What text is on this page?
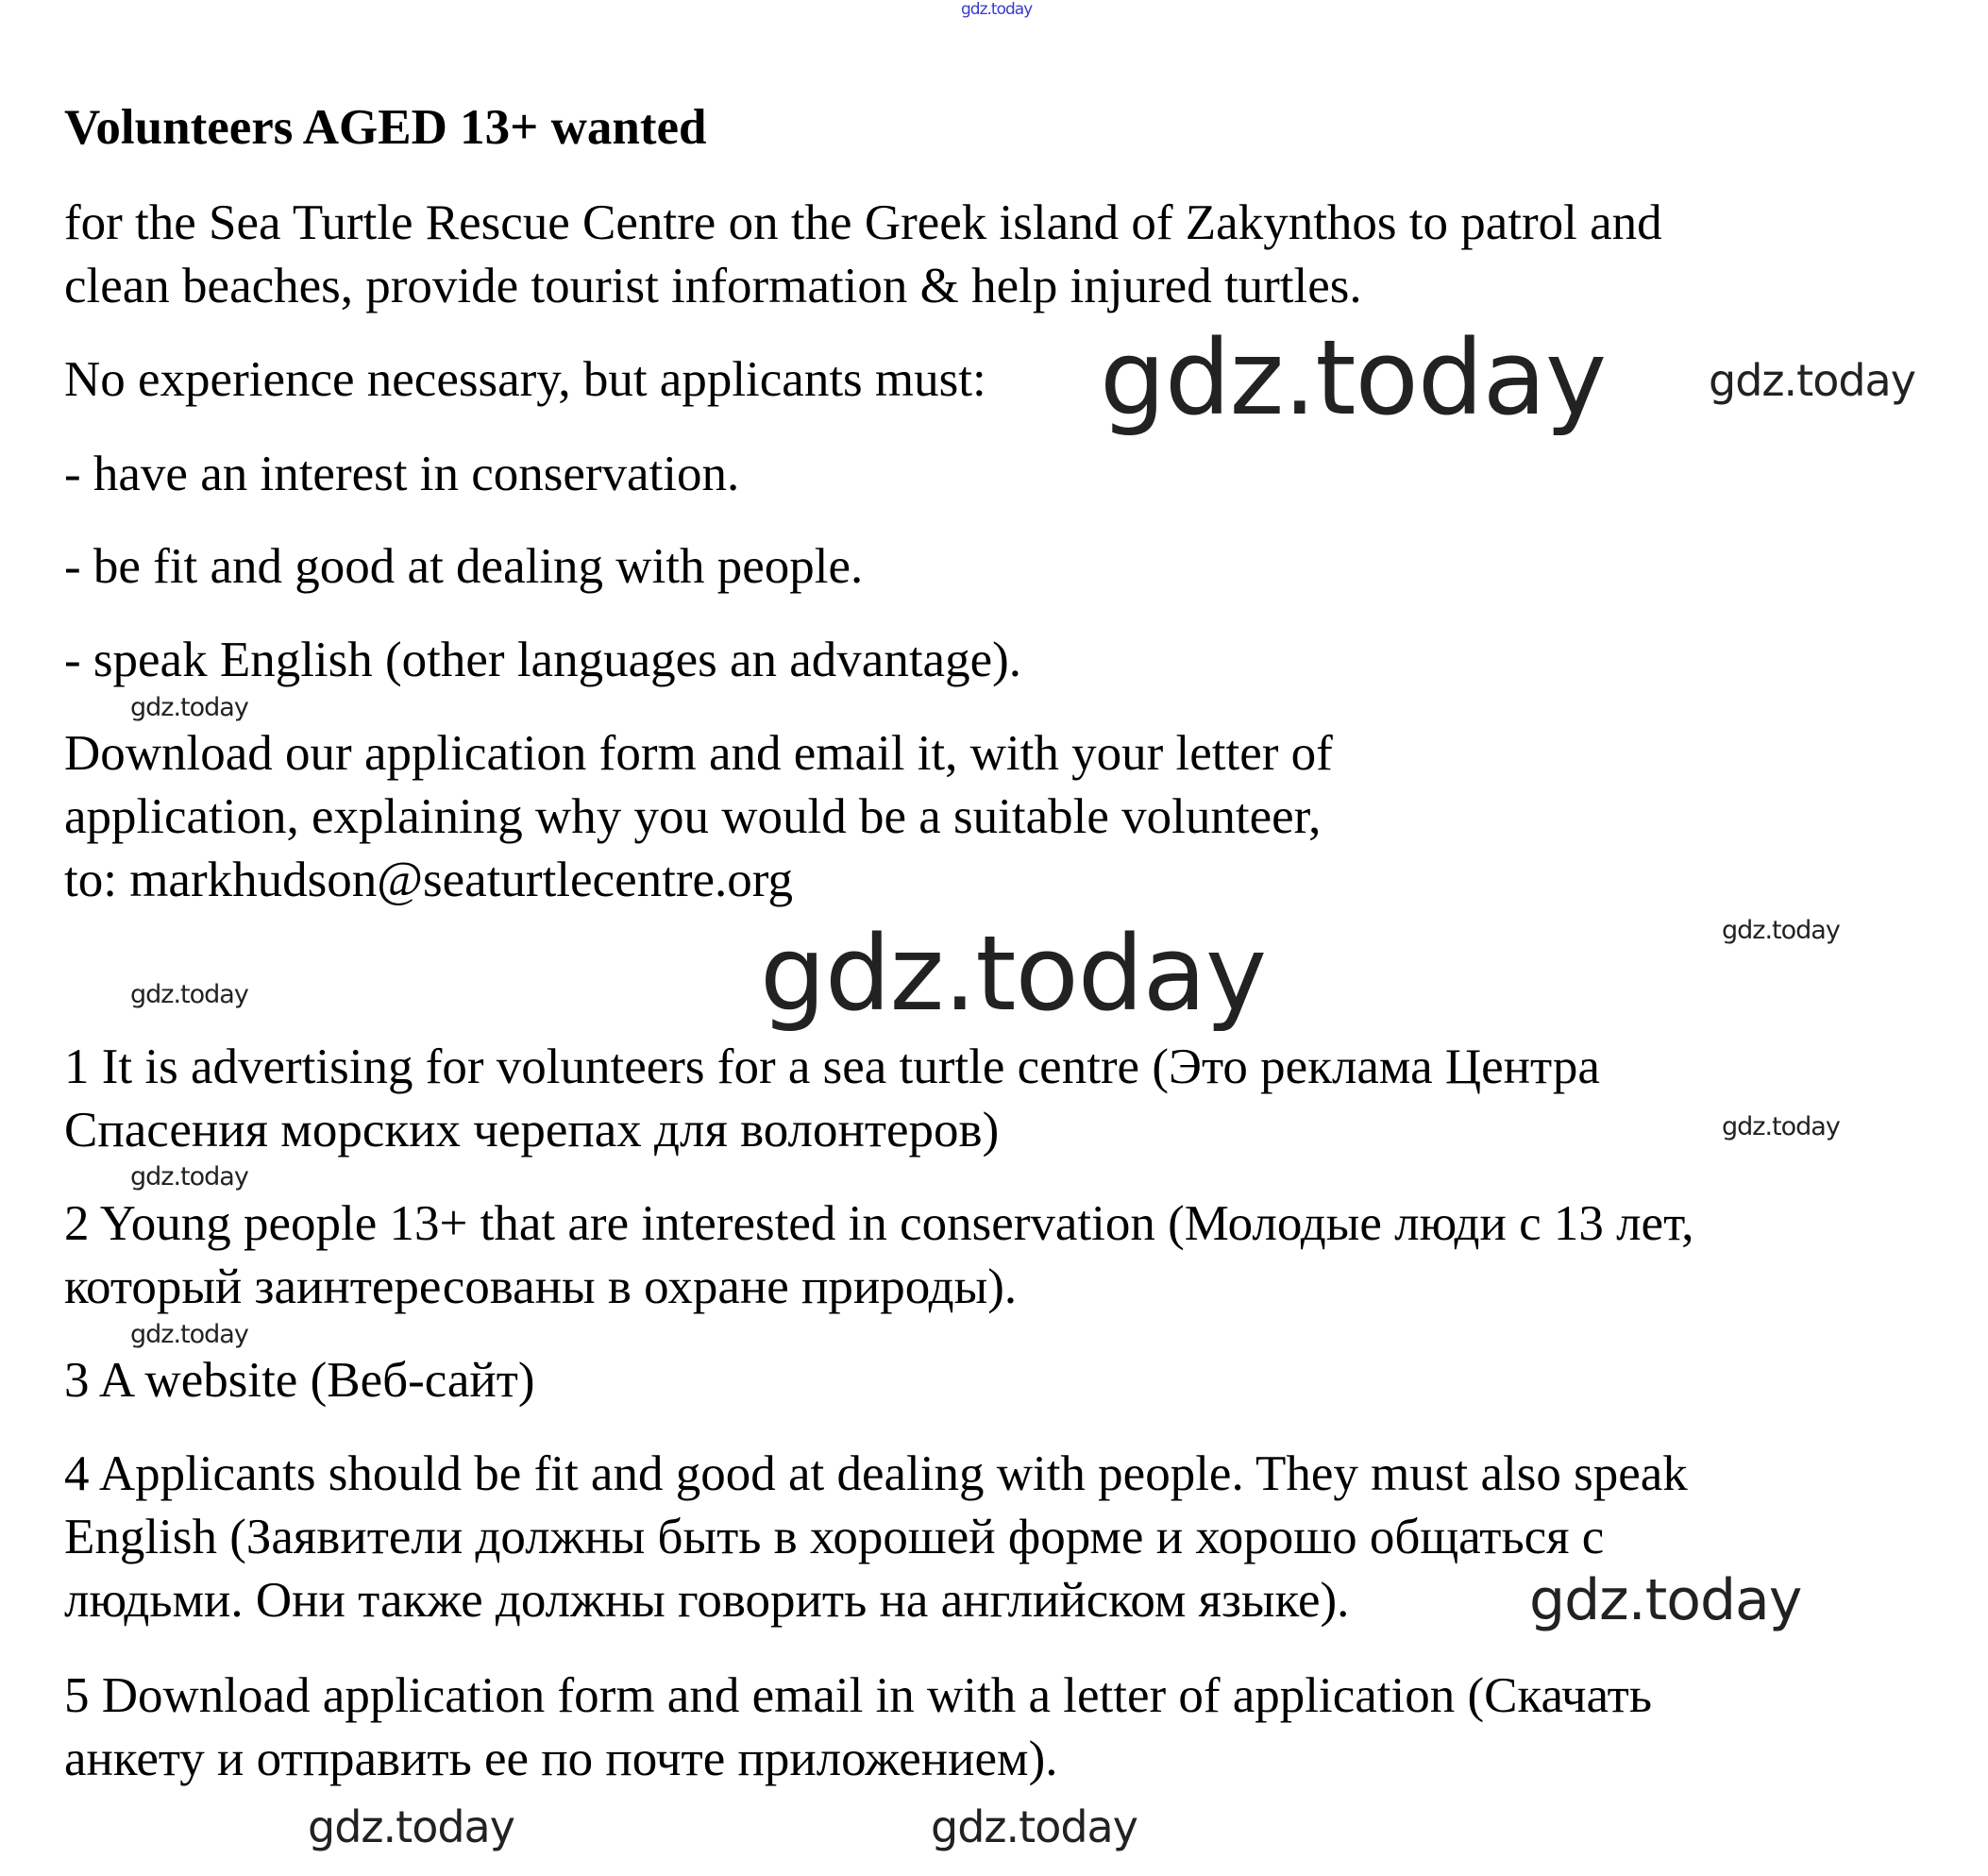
gdz.today
Volunteers AGED 13+ wanted
for the Sea Turtle Rescue Centre on the Greek island of Zakynthos to patrol and
clean beaches, provide tourist information & help injured turtles.
No experience necessary, but applicants must: gdz.today gdz.today
- have an interest in conservation.
- be fit and good at dealing with people.
- speak English (other languages an advantage).
gdz.today
Download our application form and email it, with your letter of
application, explaining why you would be a suitable volunteer,
to: markhudson@seaturtlecentre.org
gdz.today
gdz.today
gdz.today
1 It is advertising for volunteers for a sea turtle centre (Это реклама Центра
Спасения морских черепах для волонтеров)	gdz.today
gdz.today
2 Young people 13+ that are interested in conservation (Молодые люди с 13 лет,
который заинтересованы в охране природы).
gdz.today
3 A website (Веб-сайт)
4 Applicants should be fit and good at dealing with people. They must also speak
English (Заявители должны быть в хорошей форме и хорошо общаться с
людьми. Они также должны говорить на английском языке).	gdz.today
5 Download application form and email in with a letter of application (Скачать
анкету и отправить ее по почте приложением).
gdz.today	gdz.today
